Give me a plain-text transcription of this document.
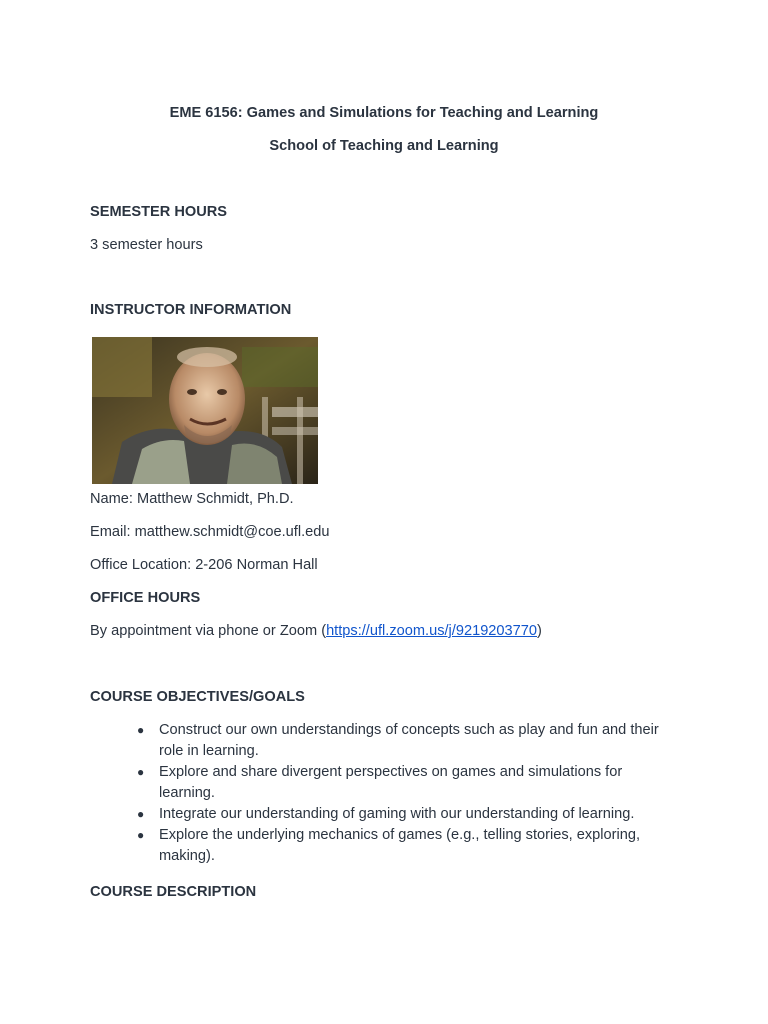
EME 6156: Games and Simulations for Teaching and Learning
School of Teaching and Learning
SEMESTER HOURS
3 semester hours
INSTRUCTOR INFORMATION
Name: Matthew Schmidt, Ph.D.
Email: matthew.schmidt@coe.ufl.edu
Office Location: 2-206 Norman Hall
OFFICE HOURS
By appointment via phone or Zoom (https://ufl.zoom.us/j/9219203770)
COURSE OBJECTIVES/GOALS
● Construct our own understandings of concepts such as play and fun and their role in learning.
● Explore and share divergent perspectives on games and simulations for learning.
● Integrate our understanding of gaming with our understanding of learning.
● Explore the underlying mechanics of games (e.g., telling stories, exploring, making).
COURSE DESCRIPTION
